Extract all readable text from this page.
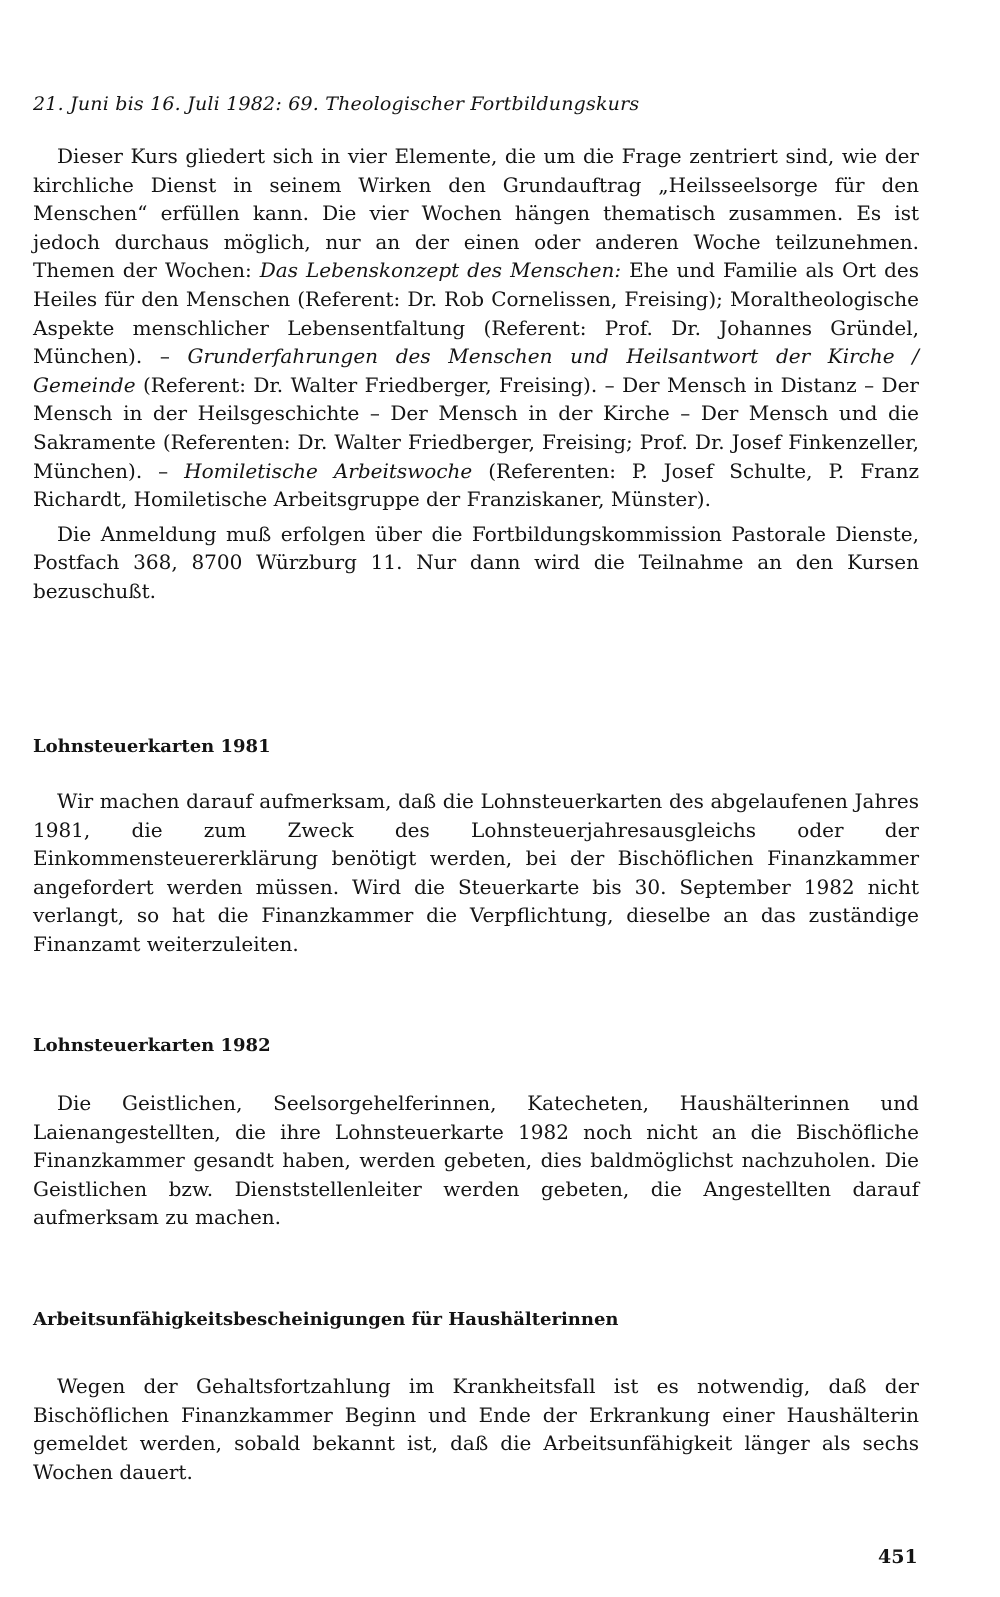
21. Juni bis 16. Juli 1982: 69. Theologischer Fortbildungskurs

Dieser Kurs gliedert sich in vier Elemente, die um die Frage zentriert sind, wie der kirchliche Dienst in seinem Wirken den Grundauftrag „Heilsseelsorge für den Menschen“ erfüllen kann. Die vier Wochen hängen thematisch zusammen. Es ist jedoch durchaus möglich, nur an der einen oder anderen Woche teilzunehmen. Themen der Wochen: Das Lebenskonzept des Menschen: Ehe und Familie als Ort des Heiles für den Menschen (Referent: Dr. Rob Cornelissen, Freising); Moraltheologische Aspekte menschlicher Lebensentfaltung (Referent: Prof. Dr. Johannes Gründel, München). – Grunderfahrungen des Menschen und Heilsantwort der Kirche / Gemeinde (Referent: Dr. Walter Friedberger, Freising). – Der Mensch in Distanz – Der Mensch in der Heilsgeschichte – Der Mensch in der Kirche – Der Mensch und die Sakramente (Referenten: Dr. Walter Friedberger, Freising; Prof. Dr. Josef Finkenzeller, München). – Homiletische Arbeitswoche (Referenten: P. Josef Schulte, P. Franz Richardt, Homiletische Arbeitsgruppe der Franziskaner, Münster).

Die Anmeldung muß erfolgen über die Fortbildungskommission Pastorale Dienste, Postfach 368, 8700 Würzburg 11. Nur dann wird die Teilnahme an den Kursen bezuschußt.

Lohnsteuerkarten 1981

Wir machen darauf aufmerksam, daß die Lohnsteuerkarten des abgelaufenen Jahres 1981, die zum Zweck des Lohnsteuerjahresausgleichs oder der Einkommensteuererklärung benötigt werden, bei der Bischöflichen Finanzkammer angefordert werden müssen. Wird die Steuerkarte bis 30. September 1982 nicht verlangt, so hat die Finanzkammer die Verpflichtung, dieselbe an das zuständige Finanzamt weiterzuleiten.

Lohnsteuerkarten 1982

Die Geistlichen, Seelsorgehelferinnen, Katecheten, Haushälterinnen und Laienangestellten, die ihre Lohnsteuerkarte 1982 noch nicht an die Bischöfliche Finanzkammer gesandt haben, werden gebeten, dies baldmöglichst nachzuholen. Die Geistlichen bzw. Dienststellenleiter werden gebeten, die Angestellten darauf aufmerksam zu machen.

Arbeitsunfähigkeitsbescheinigungen für Haushälterinnen

Wegen der Gehaltsfortzahlung im Krankheitsfall ist es notwendig, daß der Bischöflichen Finanzkammer Beginn und Ende der Erkrankung einer Haushälterin gemeldet werden, sobald bekannt ist, daß die Arbeitsunfähigkeit länger als sechs Wochen dauert.

451
